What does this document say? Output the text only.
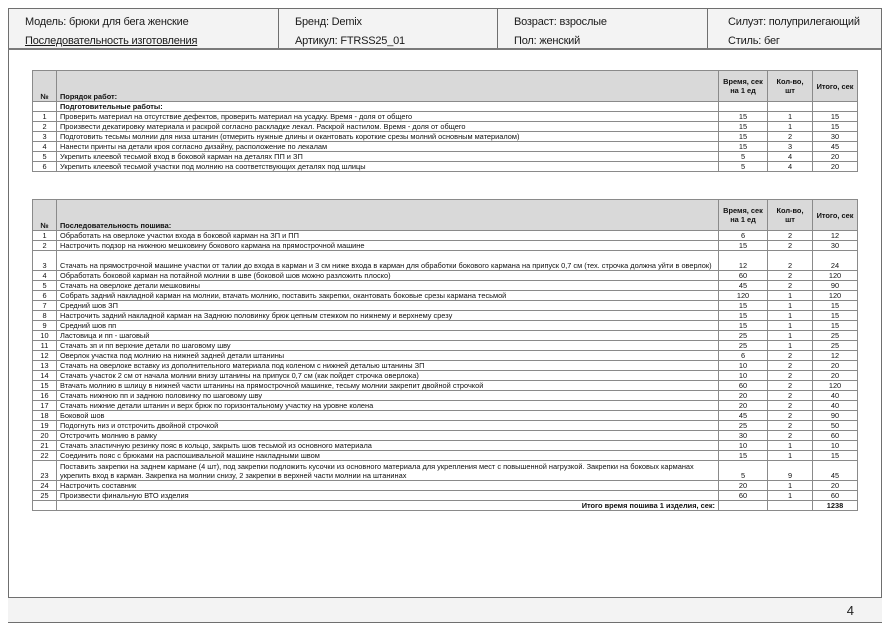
Модель: брюки для бега женские
Последовательность изготовления
Бренд: Demix
Артикул: FTRSS25_01
Возраст: взрослые
Пол: женский
Силуэт: полуприлегающий
Стиль: бег
№	Порядок работ:	Время, сек на 1 ед	Кол-во, шт	Итого, сек
	Подготовительные работы:			
1	Проверить материал на отсутствие дефектов, проверить материал на усадку. Время - доля от общего	15	1	15
2	Произвести декатировку материала и раскрой согласно раскладке лекал. Раскрой настилом. Время - доля от общего	15	1	15
3	Подготовить тесьмы молнии для низа штанин (отмерить нужные длины и окантовать короткие срезы молний основным материалом)	15	2	30
4	Нанести принты на детали кроя согласно дизайну, расположение по лекалам	15	3	45
5	Укрепить клеевой тесьмой вход в боковой карман на деталях ПП и ЗП	5	4	20
6	Укрепить клеевой тесьмой участки под молнию на соответствующих деталях под шлицы	5	4	20
№	Последовательность пошива:	Время, сек на 1 ед	Кол-во, шт	Итого, сек
1	Обработать на оверлоке участки входа в боковой карман на ЗП и ПП	6	2	12
2	Настрочить подзор на нижнюю мешковину бокового кармана на прямострочной машине	15	2	30
3	Стачать на прямострочной машине участки от талии до входа в карман и 3 см ниже входа в карман для обработки бокового кармана на припуск 0,7 см (тех. строчка должна уйти в оверлок)	12	2	24
4	Обработать боковой карман на потайной молнии в шве (боковой шов можно разложить плоско)	60	2	120
5	Стачать на оверлоке детали мешковины	45	2	90
6	Собрать задний накладной карман на молнии, втачать молнию, поставить закрепки, окантовать боковые срезы кармана тесьмой	120	1	120
7	Средний шов ЗП	15	1	15
8	Настрочить задний накладной карман на Заднюю половинку брюк цепным стежком по нижнему и верхнему срезу	15	1	15
9	Средний шов пп	15	1	15
10	Ластовица и пп - шаговый	25	1	25
11	Стачать зп и пп верхние детали по шаговому шву	25	1	25
12	Оверлок участка под молнию на нижней задней детали штанины	6	2	12
13	Стачать на оверлоке вставку из дополнительного материала под коленом с нижней деталью штанины ЗП	10	2	20
14	Стачать участок 2 см от начала молнии внизу штанины на припуск 0,7 см (как пойдет строчка оверлока)	10	2	20
15	Втачать молнию в шлицу в нижней части штанины на прямострочной машинке, тесьму молнии закрепит двойной строчкой	60	2	120
16	Стачать нижнюю пп и заднюю половинку по шаговому шву	20	2	40
17	Стачать нижние детали штанин и верх брюк по горизонтальному участку на уровне колена	20	2	40
18	Боковой шов	45	2	90
19	Подогнуть низ и отстрочить двойной строчкой	25	2	50
20	Отстрочить молнию в рамку	30	2	60
21	Стачать эластичную резинку пояс в кольцо, закрыть шов тесьмой из основного материала	10	1	10
22	Соединить пояс с брюками на распошивальной машине накладными швом	15	1	15
23	Поставить закрепки на заднем кармане (4 шт), под закрепки подложить кусочки из основного материала для укрепления мест с повышенной нагрузкой. Закрепки на боковых карманах укрепить вход в карман. Закрепка на молнии снизу, 2 закрепки в верхней части молнии на штанинах	5	9	45
24	Настрочить составник	20	1	20
25	Произвести финальную ВТО изделия	60	1	60
	Итого время пошива 1 изделия, сек:			1238
4
